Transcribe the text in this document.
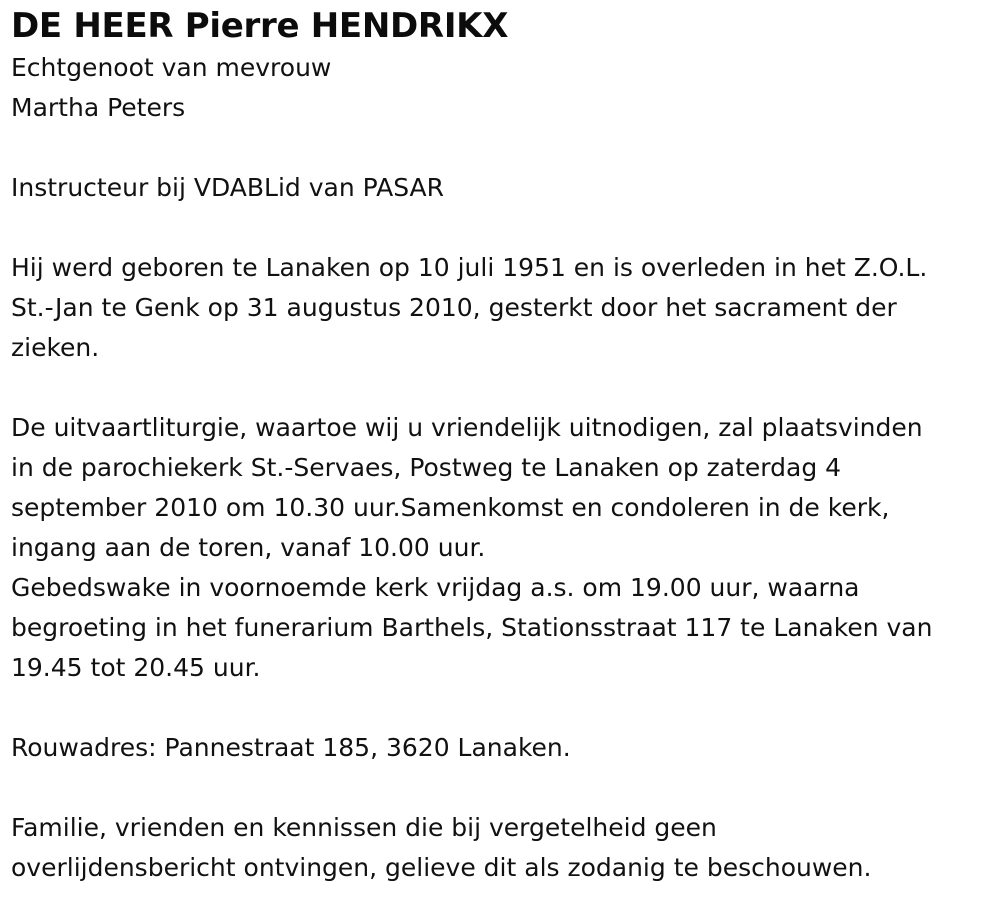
DE HEER Pierre HENDRIKX

Echtgenoot van mevrouw

Martha Peters

Instructeur bij VDABLid van PASAR

Hij werd geboren te Lanaken op 10 juli 1951 en is overleden in het Z.O.L.
St.-Jan te Genk op 31 augustus 2010, gesterkt door het sacrament der
zieken.

De uitvaartliturgie, waartoe wij u vriendelijk uitnodigen, zal plaatsvinden
in de parochiekerk St.-Servaes, Postweg te Lanaken op zaterdag 4
september 2010 om 10.30 uur.Samenkomst en condoleren in de kerk,
ingang aan de toren, vanaf 10.00 uur.
Gebedswake in voornoemde kerk vrijdag a.s. om 19.00 uur, waarna
begroeting in het funerarium Barthels, Stationsstraat 117 te Lanaken van
19.45 tot 20.45 uur.

Rouwadres: Pannestraat 185, 3620 Lanaken.

Familie, vrienden en kennissen die bij vergetelheid geen
overlijdensbericht ontvingen, gelieve dit als zodanig te beschouwen.
